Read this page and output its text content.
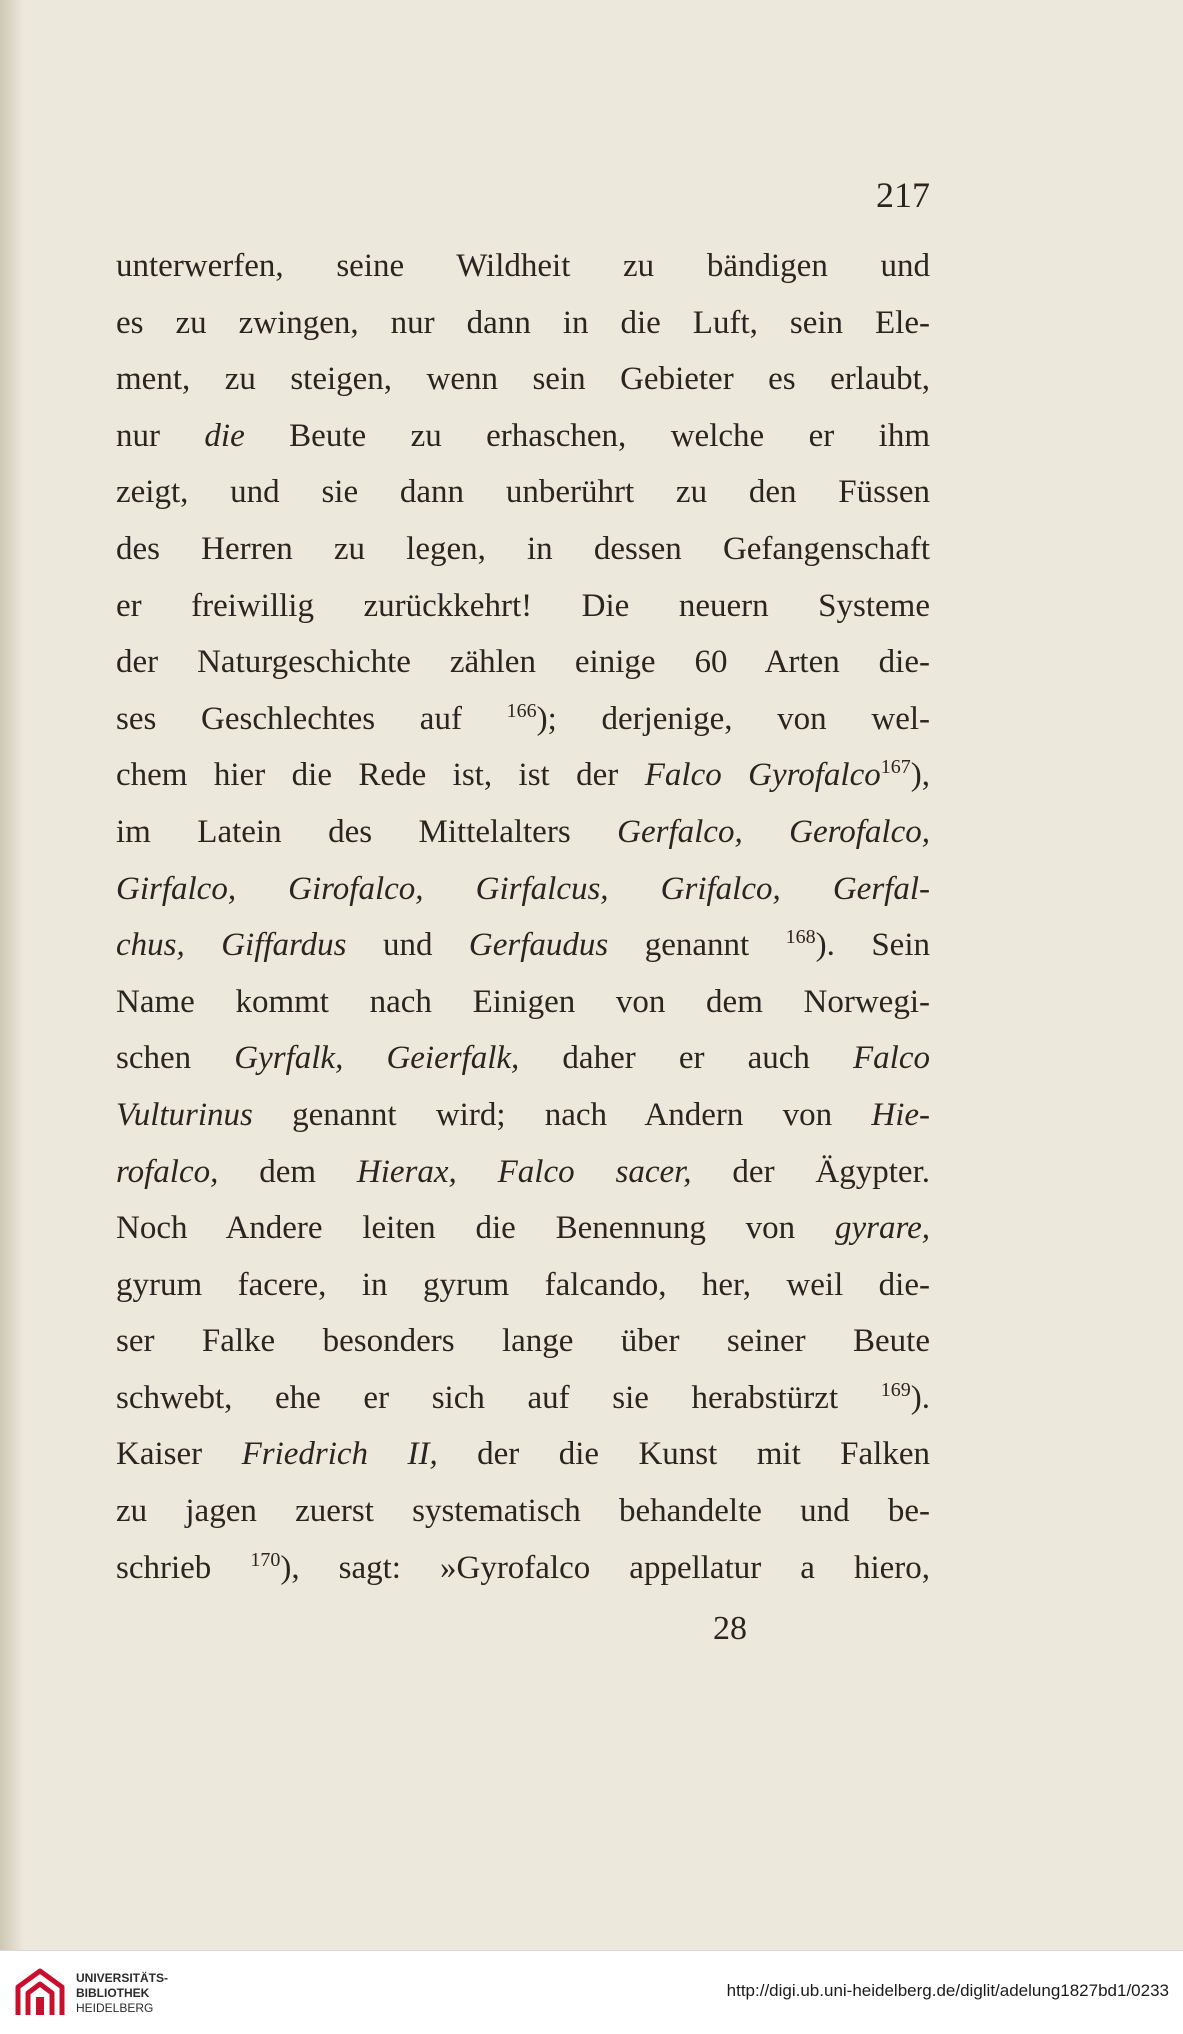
217
unterwerfen, seine Wildheit zu bändigen und
es zu zwingen, nur dann in die Luft, sein Ele-
ment, zu steigen, wenn sein Gebieter es erlaubt,
nur die Beute zu erhaschen, welche er ihm
zeigt, und sie dann unberührt zu den Füssen
des Herren zu legen, in dessen Gefangenschaft
er freiwillig zurückkehrt! Die neuern Systeme
der Naturgeschichte zählen einige 60 Arten die-
ses Geschlechtes auf $^{166}$); derjenige, von wel-
chem hier die Rede ist, ist der Falco Gyrofalco$^{167}$),
im Latein des Mittelalters Gerfalco, Gerofalco,
Girfalco, Girofalco, Girfalcus, Grifalco, Gerfal-
chus, Giffardus und Gerfaudus genannt $^{168}$). Sein
Name kommt nach Einigen von dem Norwegi-
schen Gyrfalk, Geierfalk, daher er auch Falco
Vulturinus genannt wird; nach Andern von Hie-
rofalco, dem Hierax, Falco sacer, der Ägypter.
Noch Andere leiten die Benennung von gyrare,
gyrum facere, in gyrum falcando, her, weil die-
ser Falke besonders lange über seiner Beute
schwebt, ehe er sich auf sie herabstürzt $^{169}$).
Kaiser Friedrich II, der die Kunst mit Falken
zu jagen zuerst systematisch behandelte und be-
schrieb $^{170}$), sagt: »Gyrofalco appellatur a hiero,
28
UNIVERSITÄTS-
BIBLIOTHEK
HEIDELBERG
http://digi.ub.uni-heidelberg.de/diglit/adelung1827bd1/0233
